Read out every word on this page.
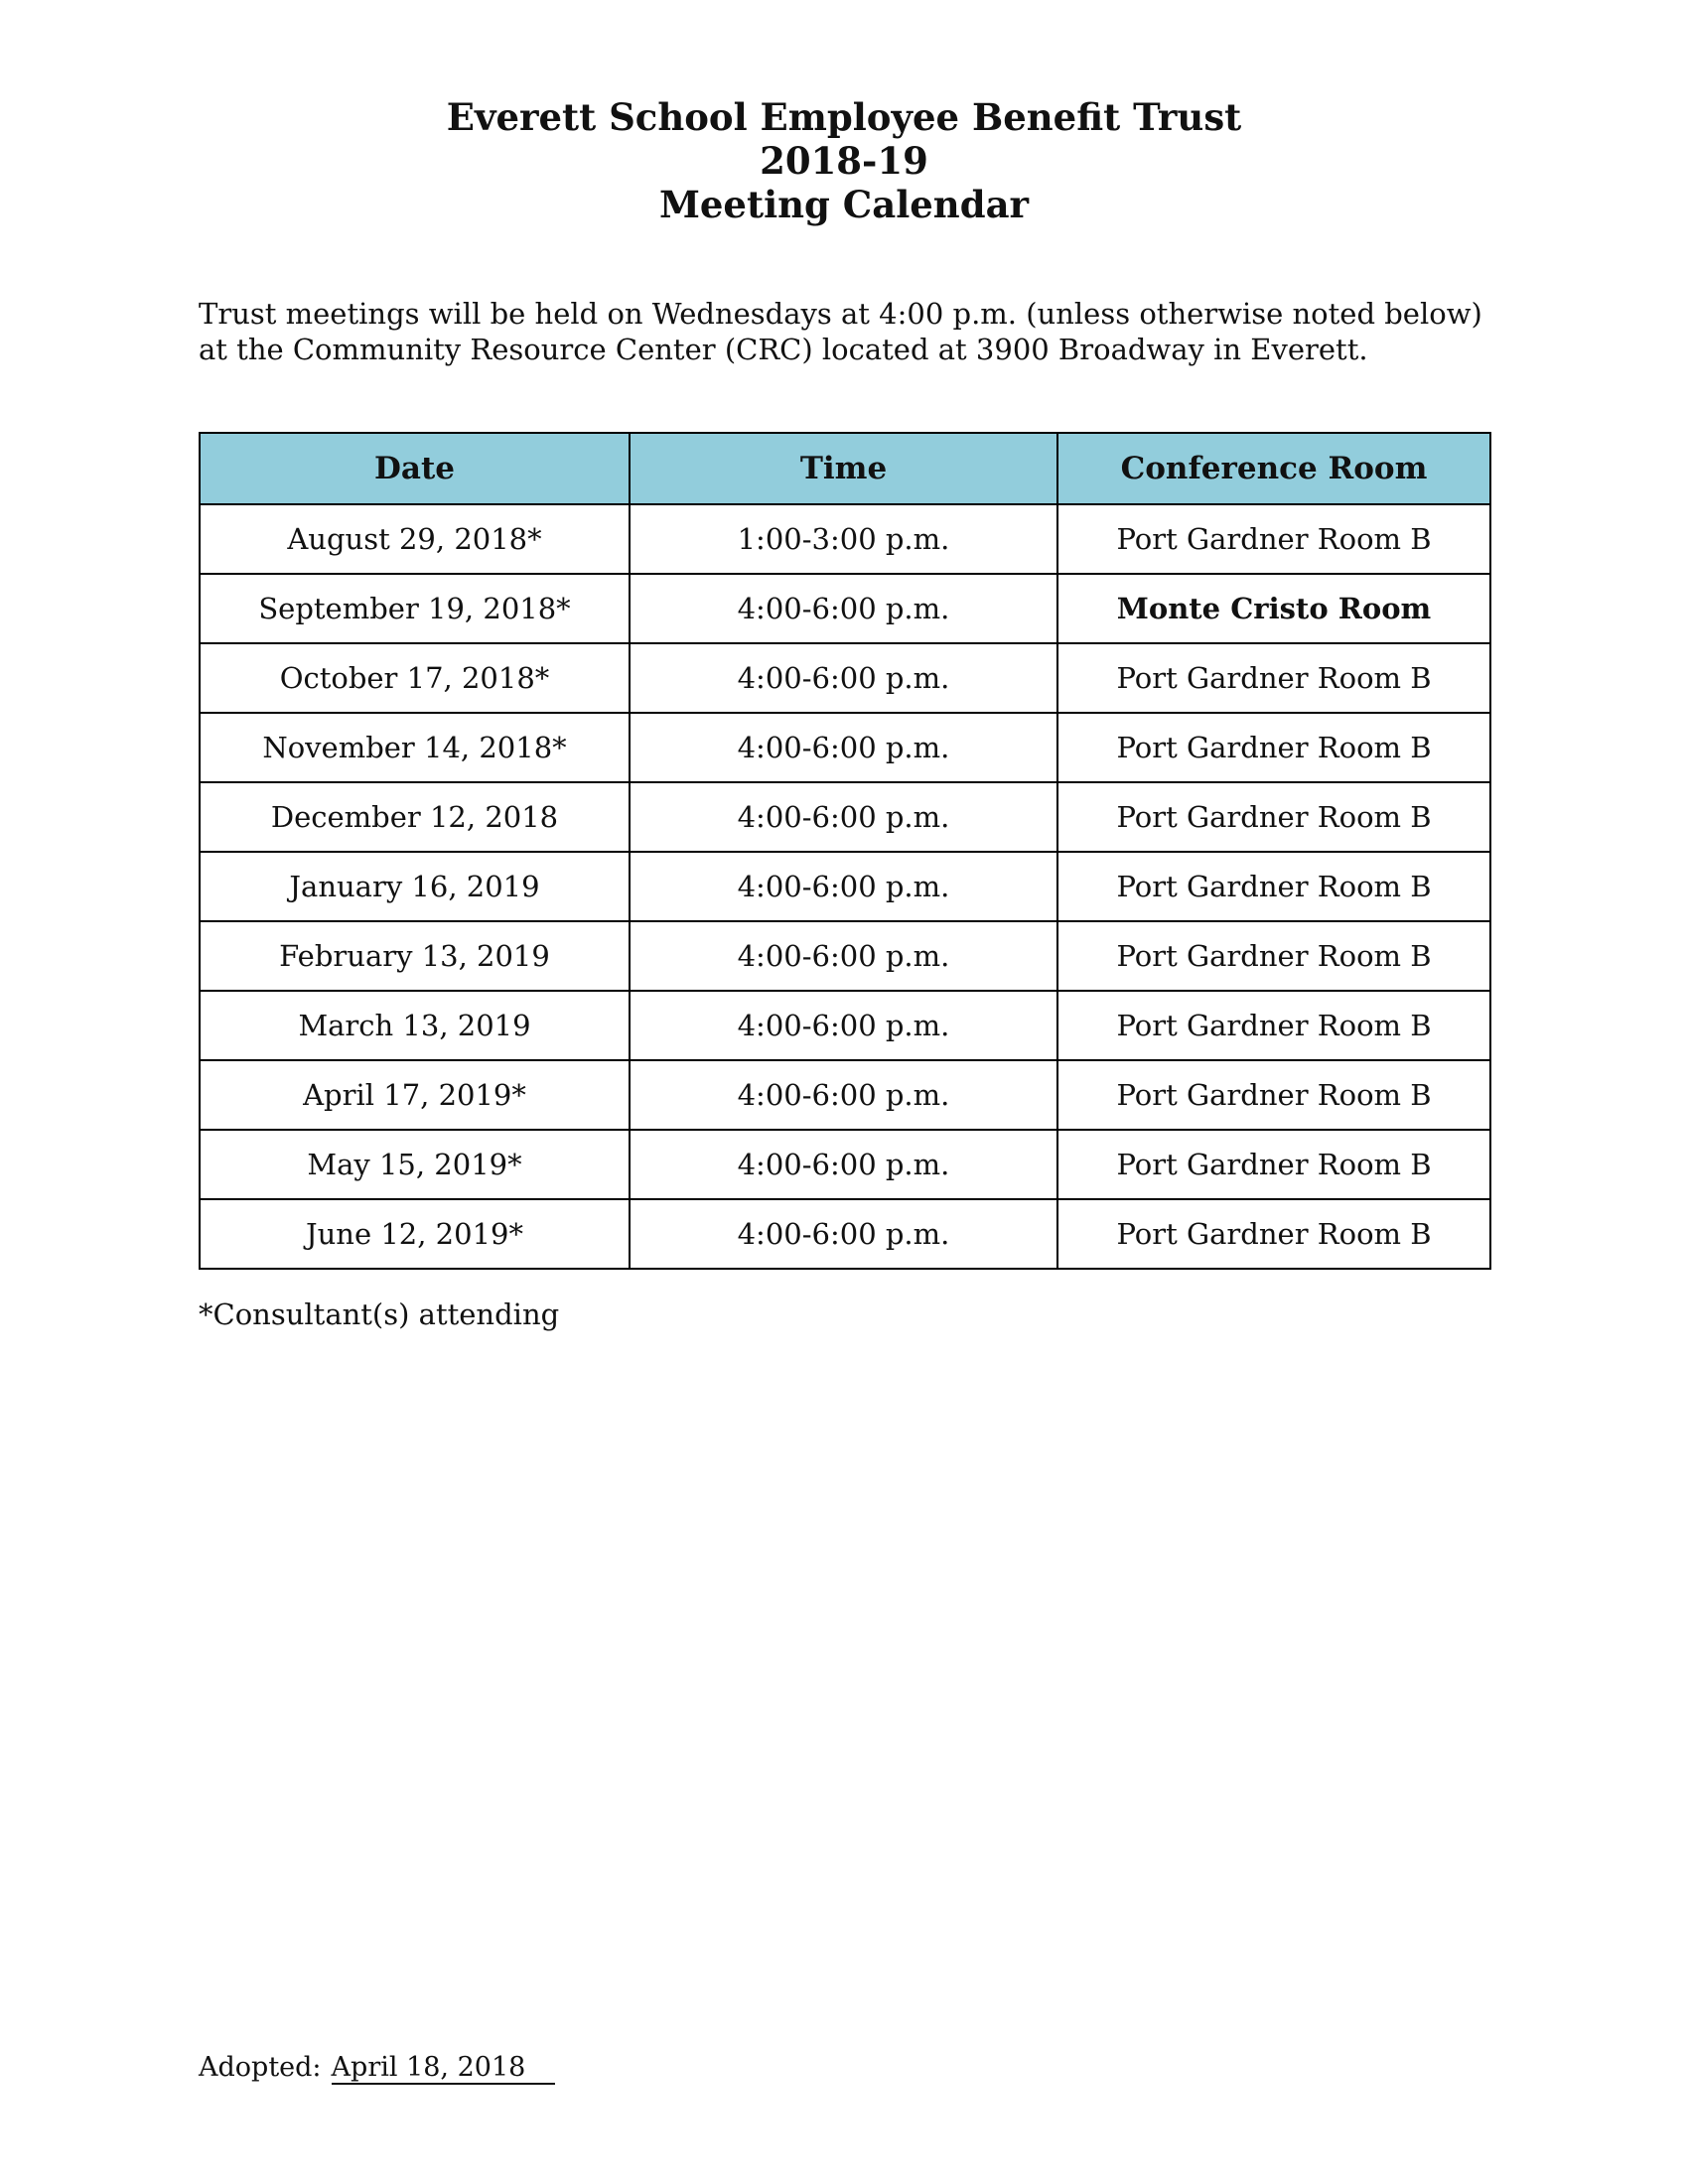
Everett School Employee Benefit Trust
2018-19
Meeting Calendar
Trust meetings will be held on Wednesdays at 4:00 p.m. (unless otherwise noted below) at the Community Resource Center (CRC) located at 3900 Broadway in Everett.
Date	Time	Conference Room
August 29, 2018*	1:00-3:00 p.m.	Port Gardner Room B
September 19, 2018*	4:00-6:00 p.m.	Monte Cristo Room
October 17, 2018*	4:00-6:00 p.m.	Port Gardner Room B
November 14, 2018*	4:00-6:00 p.m.	Port Gardner Room B
December 12, 2018	4:00-6:00 p.m.	Port Gardner Room B
January 16, 2019	4:00-6:00 p.m.	Port Gardner Room B
February 13, 2019	4:00-6:00 p.m.	Port Gardner Room B
March 13, 2019	4:00-6:00 p.m.	Port Gardner Room B
April 17, 2019*	4:00-6:00 p.m.	Port Gardner Room B
May 15, 2019*	4:00-6:00 p.m.	Port Gardner Room B
June 12, 2019*	4:00-6:00 p.m.	Port Gardner Room B
*Consultant(s) attending
Adopted: April 18, 2018
